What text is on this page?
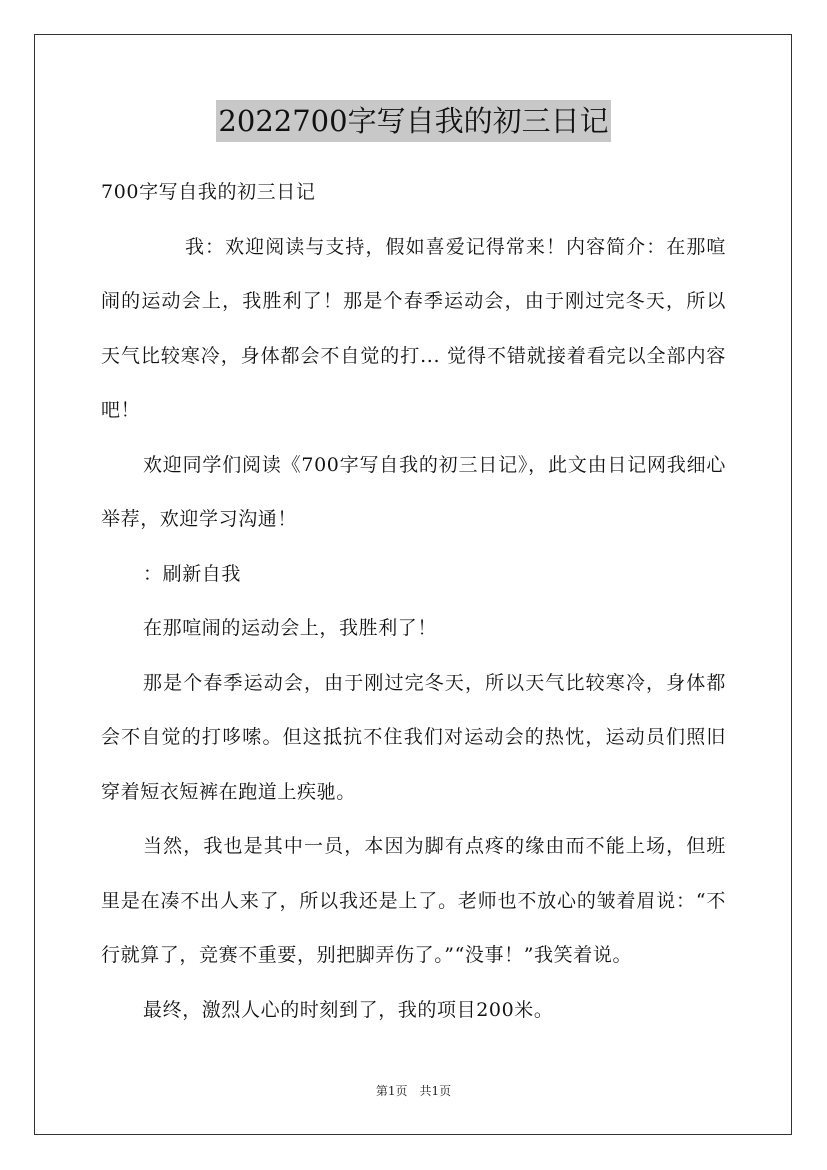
2022700字写自我的初三日记

700字写自我的初三日记

我：欢迎阅读与支持，假如喜爱记得常来！内容简介：在那喧闹的运动会上，我胜利了！那是个春季运动会，由于刚过完冬天，所以天气比较寒冷，身体都会不自觉的打... 觉得不错就接着看完以全部内容吧！

欢迎同学们阅读《700字写自我的初三日记》，此文由日记网我细心举荐，欢迎学习沟通！

：刷新自我

在那喧闹的运动会上，我胜利了！

那是个春季运动会，由于刚过完冬天，所以天气比较寒冷，身体都会不自觉的打哆嗦。但这抵抗不住我们对运动会的热忱，运动员们照旧穿着短衣短裤在跑道上疾驰。

当然，我也是其中一员，本因为脚有点疼的缘由而不能上场，但班里是在凑不出人来了，所以我还是上了。老师也不放心的皱着眉说：“不行就算了，竞赛不重要，别把脚弄伤了。”“没事！”我笑着说。

最终，激烈人心的时刻到了，我的项目200米。

第1页 共1页
